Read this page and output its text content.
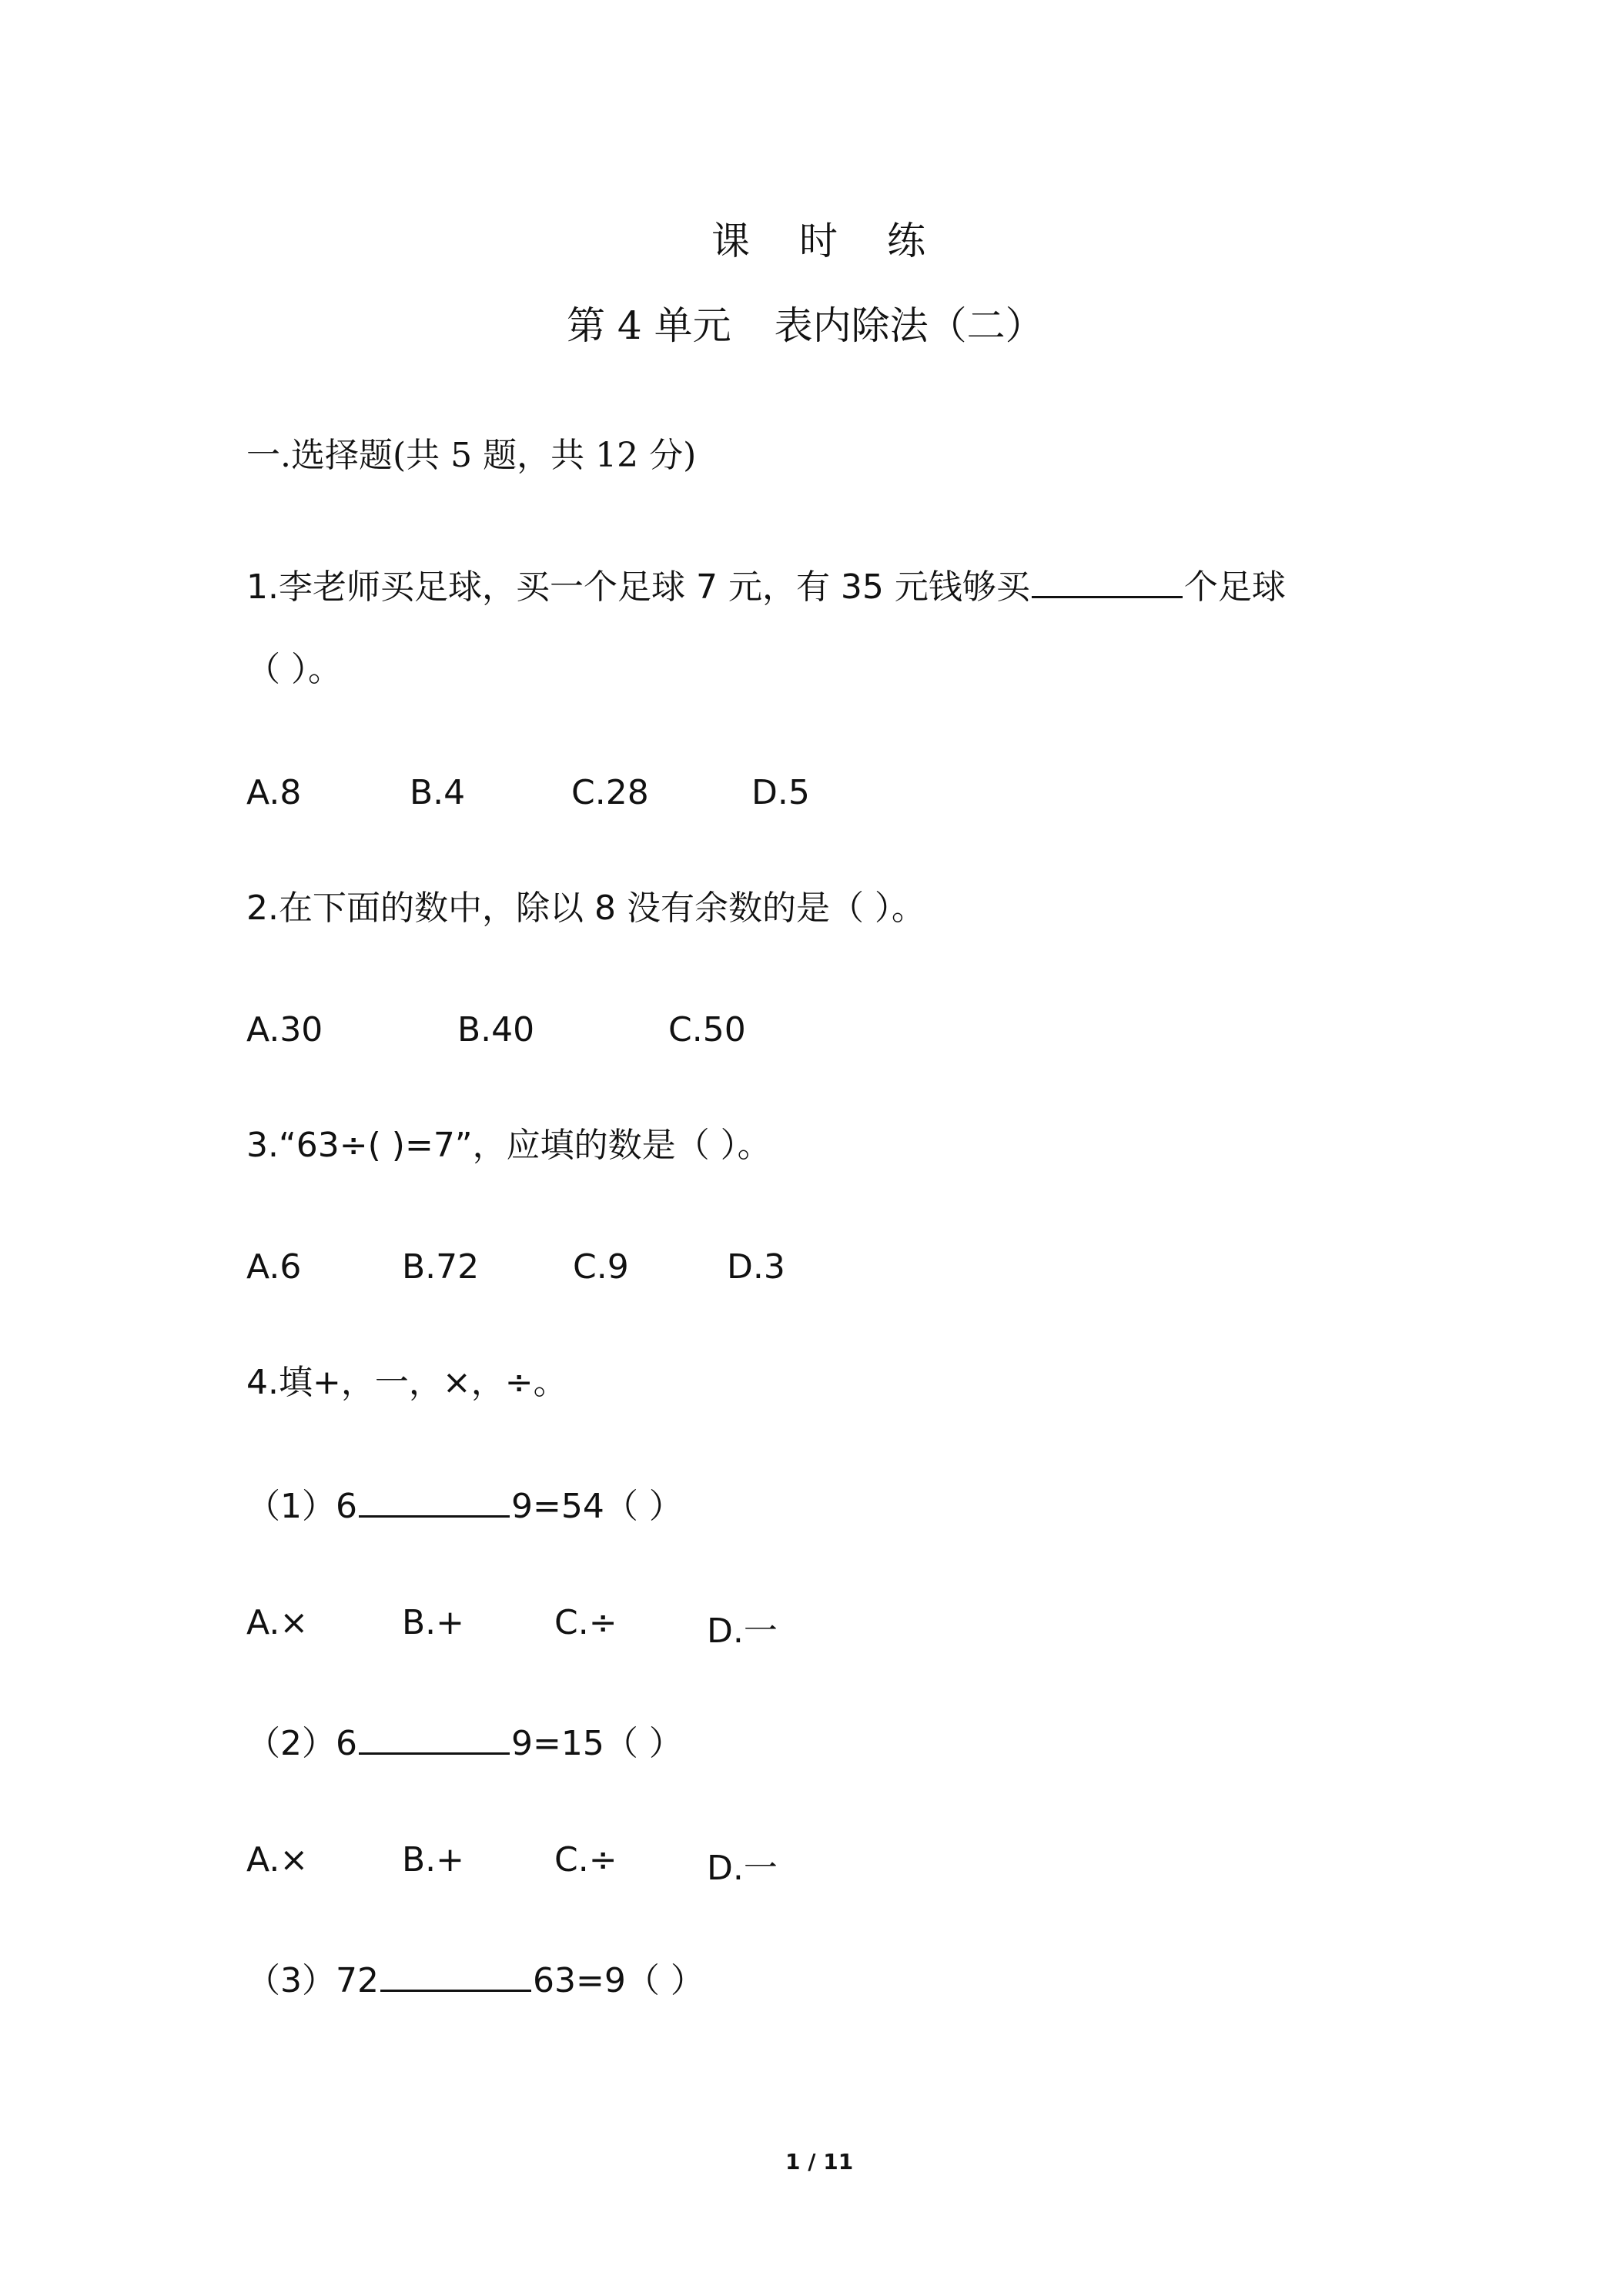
课 时 练
第 4 单元 表内除法（二）
一.选择题(共 5 题，共 12 分)
1.李老师买足球，买一个足球 7 元，有 35 元钱够买	个足球
（ ）。
A.8	B.4	C.28	D.5
2.在下面的数中，除以 8 没有余数的是（ ）。
A.30	B.40	C.50
3.“63÷( )=7”，应填的数是（ ）。
A.6	B.72	C.9	D.3
4.填+，一，×，÷。
（1）6	9=54（ ）
A.×	B.+	C.÷	D.一
（2）6	9=15（ ）
A.×	B.+	C.÷	D.一
（3）72	63=9（ ）
1 / 11
